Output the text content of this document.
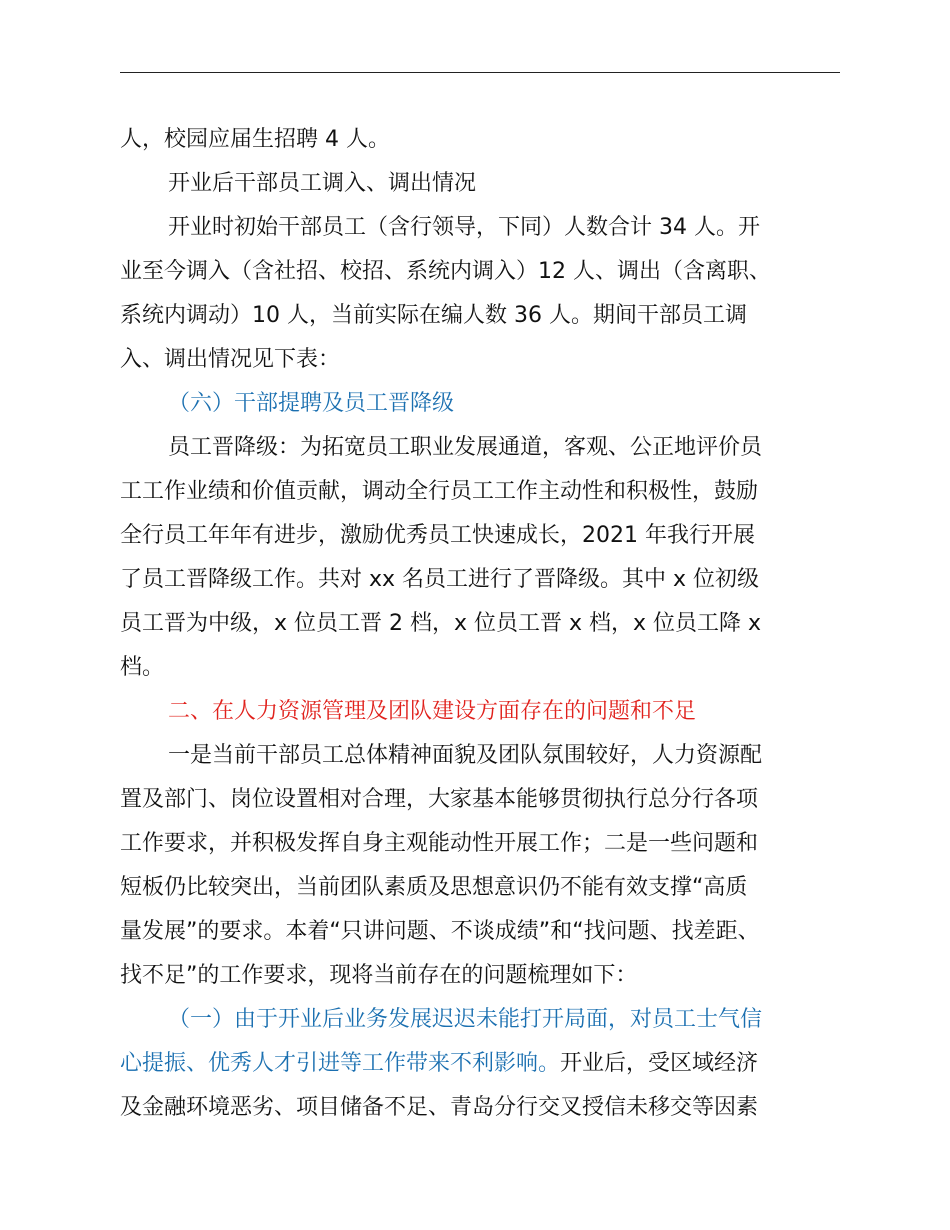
人，校园应届生招聘 4 人。
开业后干部员工调入、调出情况
开业时初始干部员工（含行领导，下同）人数合计 34 人。开
业至今调入（含社招、校招、系统内调入）12 人、调出（含离职、
系统内调动）10 人，当前实际在编人数 36 人。期间干部员工调
入、调出情况见下表：
（六）干部提聘及员工晋降级
员工晋降级：为拓宽员工职业发展通道，客观、公正地评价员
工工作业绩和价值贡献，调动全行员工工作主动性和积极性，鼓励
全行员工年年有进步，激励优秀员工快速成长，2021 年我行开展
了员工晋降级工作。共对 xx 名员工进行了晋降级。其中 x 位初级
员工晋为中级，x 位员工晋 2 档，x 位员工晋 x 档，x 位员工降 x
档。
二、在人力资源管理及团队建设方面存在的问题和不足
一是当前干部员工总体精神面貌及团队氛围较好，人力资源配
置及部门、岗位设置相对合理，大家基本能够贯彻执行总分行各项
工作要求，并积极发挥自身主观能动性开展工作；二是一些问题和
短板仍比较突出，当前团队素质及思想意识仍不能有效支撑“高质
量发展”的要求。本着“只讲问题、不谈成绩”和“找问题、找差距、
找不足”的工作要求，现将当前存在的问题梳理如下：
（一）由于开业后业务发展迟迟未能打开局面，对员工士气信
心提振、优秀人才引进等工作带来不利影响。开业后，受区域经济
及金融环境恶劣、项目储备不足、青岛分行交叉授信未移交等因素
